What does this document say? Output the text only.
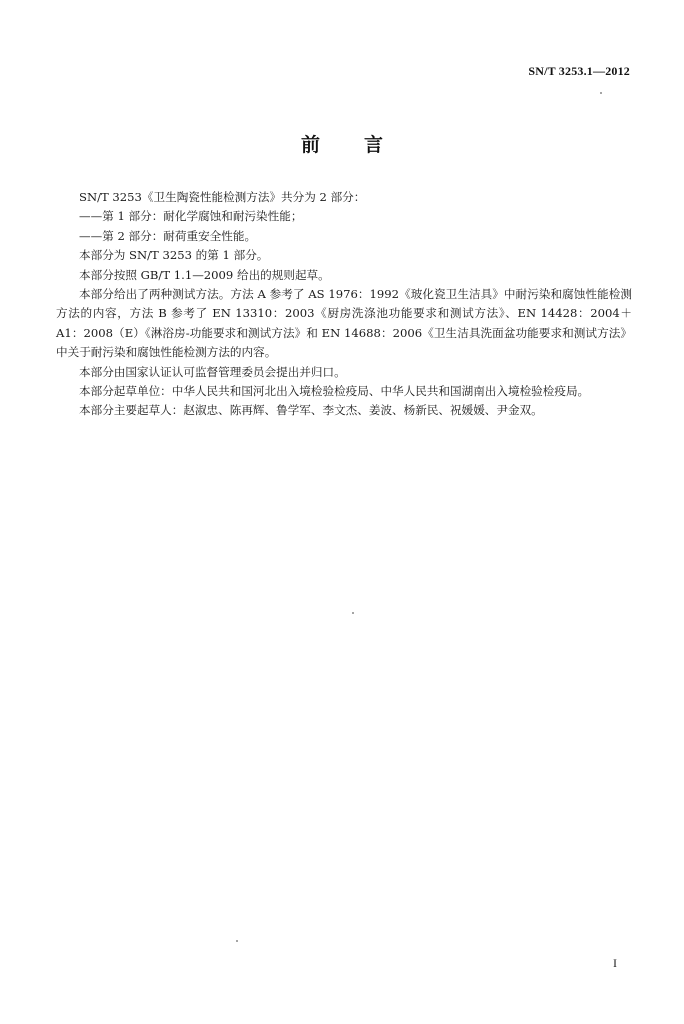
SN/T 3253.1—2012
前言

SN/T 3253《卫生陶瓷性能检测方法》共分为 2 部分：

——第 1 部分：耐化学腐蚀和耐污染性能；

——第 2 部分：耐荷重安全性能。

本部分为 SN/T 3253 的第 1 部分。

本部分按照 GB/T 1.1—2009 给出的规则起草。

本部分给出了两种测试方法。方法 A 参考了 AS 1976：1992《玻化瓷卫生洁具》中耐污染和腐蚀性能检测方法的内容，方法 B 参考了 EN 13310：2003《厨房洗涤池功能要求和测试方法》、EN 14428：2004＋A1：2008（E）《淋浴房-功能要求和测试方法》和 EN 14688：2006《卫生洁具洗面盆功能要求和测试方法》中关于耐污染和腐蚀性能检测方法的内容。

本部分由国家认证认可监督管理委员会提出并归口。

本部分起草单位：中华人民共和国河北出入境检验检疫局、中华人民共和国湖南出入境检验检疫局。

本部分主要起草人：赵淑忠、陈再辉、鲁学军、李文杰、姜波、杨新民、祝媛媛、尹金双。

I
